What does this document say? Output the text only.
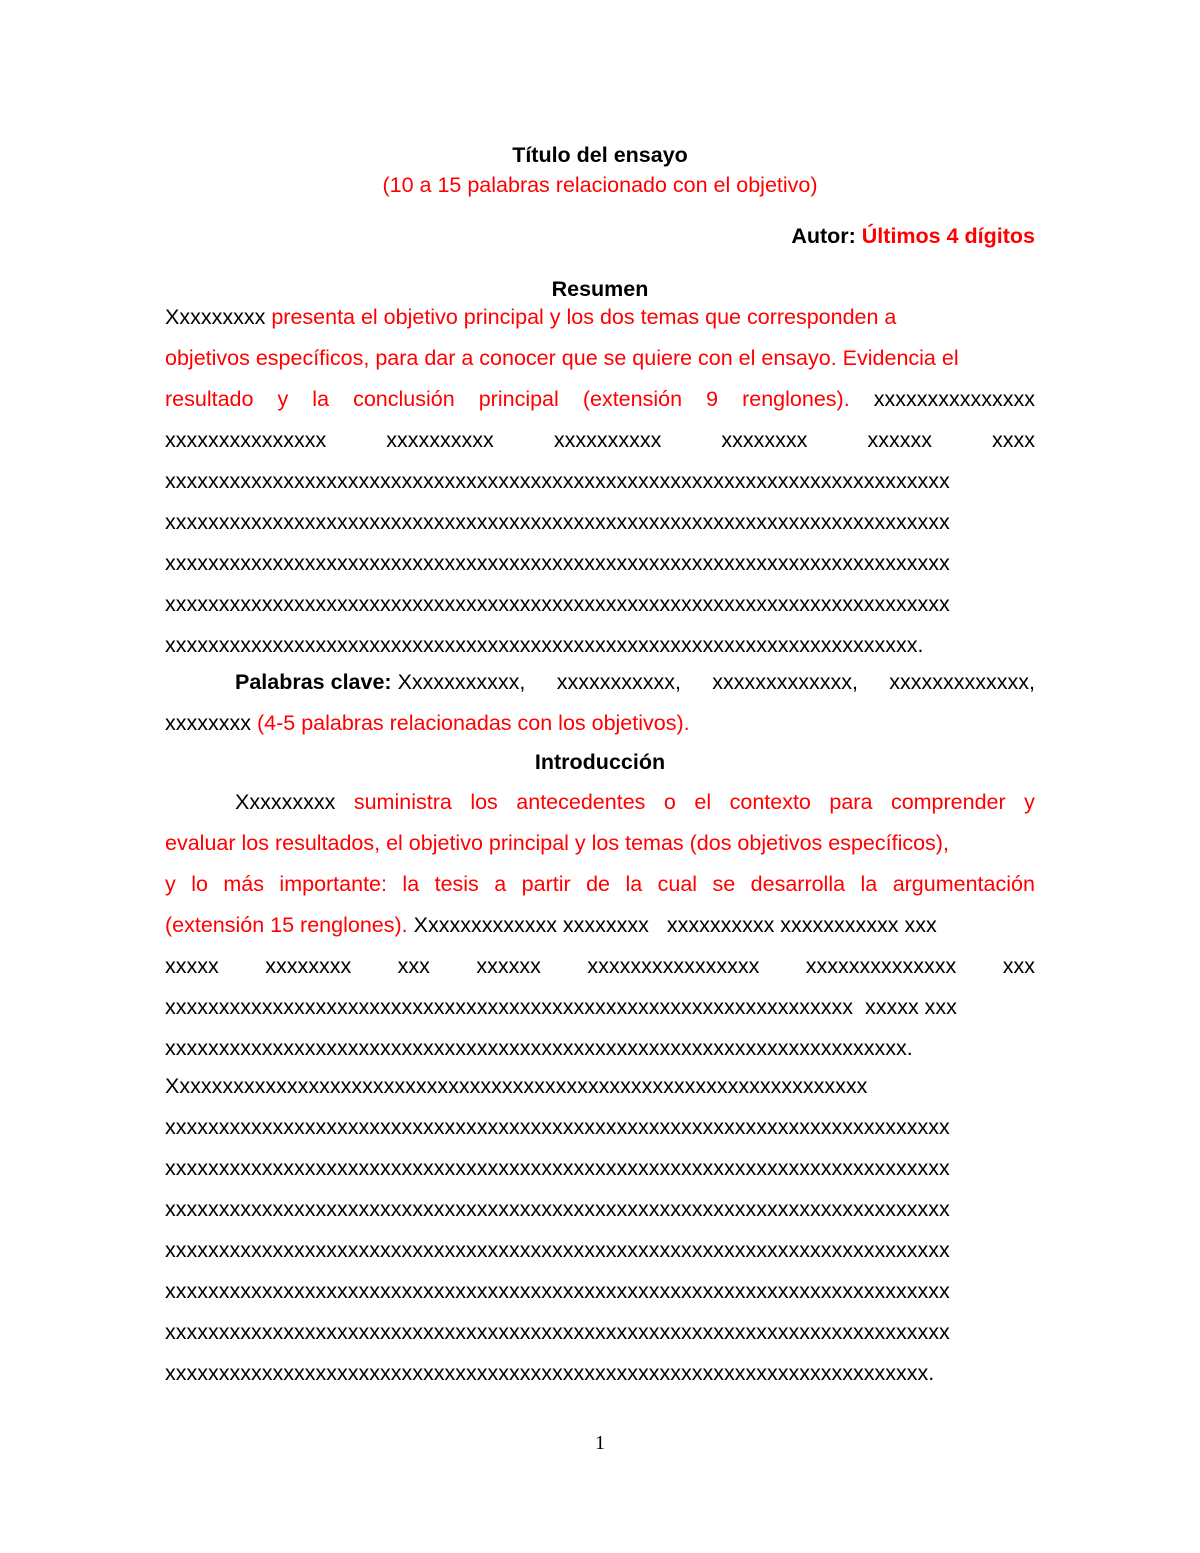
Título del ensayo
(10 a 15 palabras relacionado con el objetivo)
Autor: Últimos 4 dígitos
Resumen
Xxxxxxxxx presenta el objetivo principal y los dos temas que corresponden a
objetivos específicos, para dar a conocer que se quiere con el ensayo. Evidencia el
resultado y la conclusión principal (extensión 9 renglones). xxxxxxxxxxxxxxx
xxxxxxxxxxxxxxx	xxxxxxxxxx	xxxxxxxxxx	xxxxxxxx	xxxxxx	xxxx
xxxxxxxxxxxxxxxxxxxxxxxxxxxxxxxxxxxxxxxxxxxxxxxxxxxxxxxxxxxxxxxxxxxxxxxxx
xxxxxxxxxxxxxxxxxxxxxxxxxxxxxxxxxxxxxxxxxxxxxxxxxxxxxxxxxxxxxxxxxxxxxxxxx
xxxxxxxxxxxxxxxxxxxxxxxxxxxxxxxxxxxxxxxxxxxxxxxxxxxxxxxxxxxxxxxxxxxxxxxxx
xxxxxxxxxxxxxxxxxxxxxxxxxxxxxxxxxxxxxxxxxxxxxxxxxxxxxxxxxxxxxxxxxxxxxxxxx
xxxxxxxxxxxxxxxxxxxxxxxxxxxxxxxxxxxxxxxxxxxxxxxxxxxxxxxxxxxxxxxxxxxxxx.
Palabras clave: Xxxxxxxxxxx, xxxxxxxxxxx, xxxxxxxxxxxxx, xxxxxxxxxxxxx,
xxxxxxxx (4-5 palabras relacionadas con los objetivos).
Introducción
Xxxxxxxxx suministra los antecedentes o el contexto para comprender y
evaluar los resultados, el objetivo principal y los temas (dos objetivos específicos),
y lo más importante: la tesis a partir de la cual se desarrolla la argumentación
(extensión 15 renglones). Xxxxxxxxxxxxx xxxxxxxx   xxxxxxxxxx xxxxxxxxxxx xxx
xxxxx xxxxxxxx xxx xxxxxx xxxxxxxxxxxxxxxx xxxxxxxxxxxxxx xxx
xxxxxxxxxxxxxxxxxxxxxxxxxxxxxxxxxxxxxxxxxxxxxxxxxxxxxxxxxxxxxxxx  xxxxx xxx
xxxxxxxxxxxxxxxxxxxxxxxxxxxxxxxxxxxxxxxxxxxxxxxxxxxxxxxxxxxxxxxxxxxxx.
Xxxxxxxxxxxxxxxxxxxxxxxxxxxxxxxxxxxxxxxxxxxxxxxxxxxxxxxxxxxxxxxxx
xxxxxxxxxxxxxxxxxxxxxxxxxxxxxxxxxxxxxxxxxxxxxxxxxxxxxxxxxxxxxxxxxxxxxxxxx
xxxxxxxxxxxxxxxxxxxxxxxxxxxxxxxxxxxxxxxxxxxxxxxxxxxxxxxxxxxxxxxxxxxxxxxxx
xxxxxxxxxxxxxxxxxxxxxxxxxxxxxxxxxxxxxxxxxxxxxxxxxxxxxxxxxxxxxxxxxxxxxxxxx
xxxxxxxxxxxxxxxxxxxxxxxxxxxxxxxxxxxxxxxxxxxxxxxxxxxxxxxxxxxxxxxxxxxxxxxxx
xxxxxxxxxxxxxxxxxxxxxxxxxxxxxxxxxxxxxxxxxxxxxxxxxxxxxxxxxxxxxxxxxxxxxxxxx
xxxxxxxxxxxxxxxxxxxxxxxxxxxxxxxxxxxxxxxxxxxxxxxxxxxxxxxxxxxxxxxxxxxxxxxxx
xxxxxxxxxxxxxxxxxxxxxxxxxxxxxxxxxxxxxxxxxxxxxxxxxxxxxxxxxxxxxxxxxxxxxxx.
1
